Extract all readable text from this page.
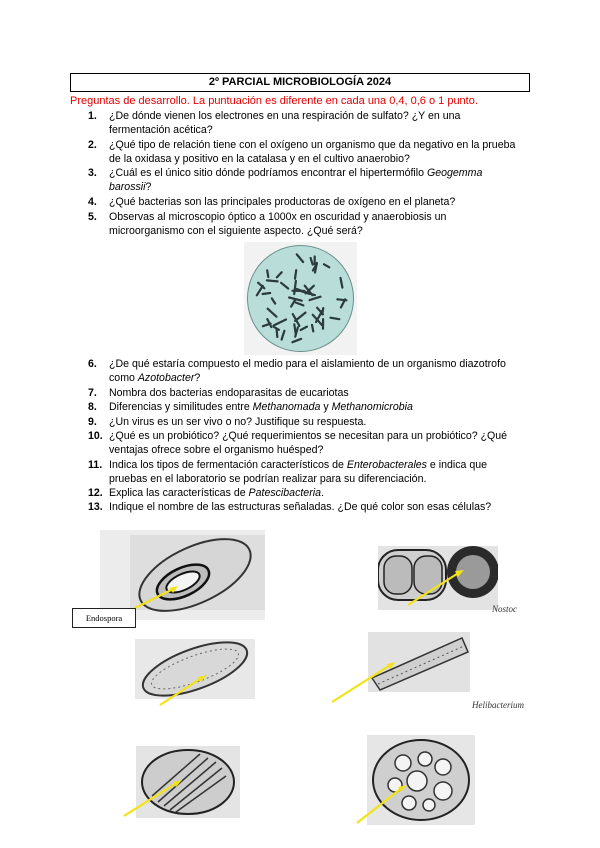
2º PARCIAL MICROBIOLOGÍA 2024
Preguntas de desarrollo. La puntuación es diferente en cada una 0,4, 0,6 o 1 punto.
1.	¿De dónde vienen los electrones en una respiración de sulfato? ¿Y en una fermentación acética?
2.	¿Qué tipo de relación tiene con el oxígeno un organismo que da negativo en la prueba de la oxidasa y positivo en la catalasa y en el cultivo anaerobio?
3.	¿Cuál es el único sitio dónde podríamos encontrar el hipertermófilo Geogemma barossii?
4.	¿Qué bacterias son las principales productoras de oxígeno en el planeta?
5.	Observas al microscopio óptico a 1000x en oscuridad y anaerobiosis un microorganismo con el siguiente aspecto. ¿Qué será?
6.	¿De qué estaría compuesto el medio para el aislamiento de un organismo diazotrofo como Azotobacter?
7.	Nombra dos bacterias endoparasitas de eucariotas
8.	Diferencias y similitudes entre Methanomada y Methanomicrobia
9.	¿Un virus es un ser vivo o no? Justifique su respuesta.
10. ¿Qué es un probiótico? ¿Qué requerimientos se necesitan para un probiótico? ¿Qué ventajas ofrece sobre el organismo huésped?
11. Indica los tipos de fermentación característicos de Enterobacterales e indica que pruebas en el laboratorio se podrían realizar para su diferenciación.
12. Explica las características de Patescibacteria.
13. Indique el nombre de las estructuras señaladas. ¿De qué color son esas células?
Endospora
Nostoc
Helibacterium
